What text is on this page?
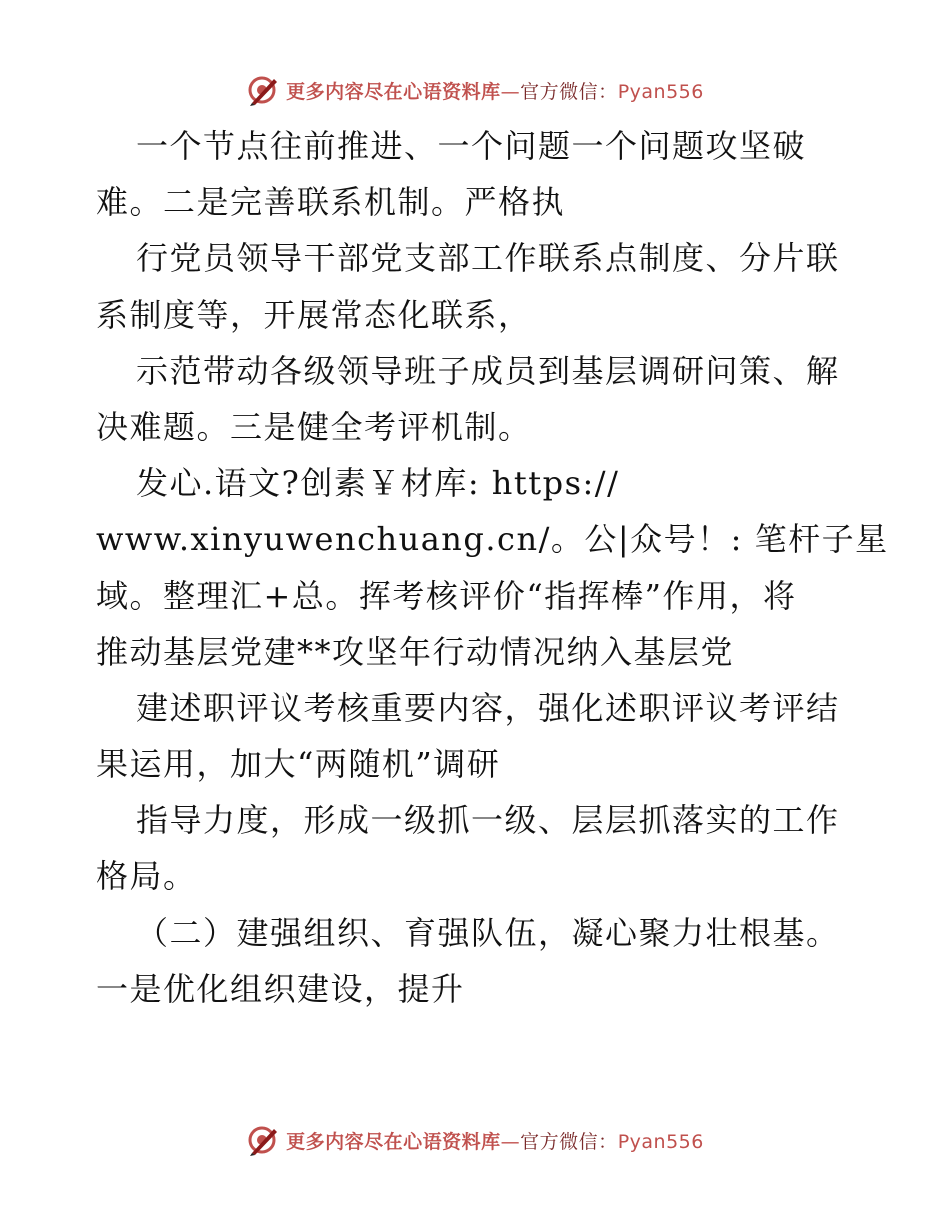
更多内容尽在心语资料库—官方微信：Pyan556
一个节点往前推进、一个问题一个问题攻坚破
难。二是完善联系机制。严格执
行党员领导干部党支部工作联系点制度、分片联
系制度等，开展常态化联系，
示范带动各级领导班子成员到基层调研问策、解
决难题。三是健全考评机制。
发心.语文?创素￥材库: https://
www.xinyuwenchuang.cn/。公|众号！: 笔杆子星
域。整理汇+总。挥考核评价“指挥棒”作用，将
推动基层党建**攻坚年行动情况纳入基层党
建述职评议考核重要内容，强化述职评议考评结
果运用，加大“两随机”调研
指导力度，形成一级抓一级、层层抓落实的工作
格局。
（二）建强组织、育强队伍，凝心聚力壮根基。
一是优化组织建设，提升
更多内容尽在心语资料库—官方微信：Pyan556
